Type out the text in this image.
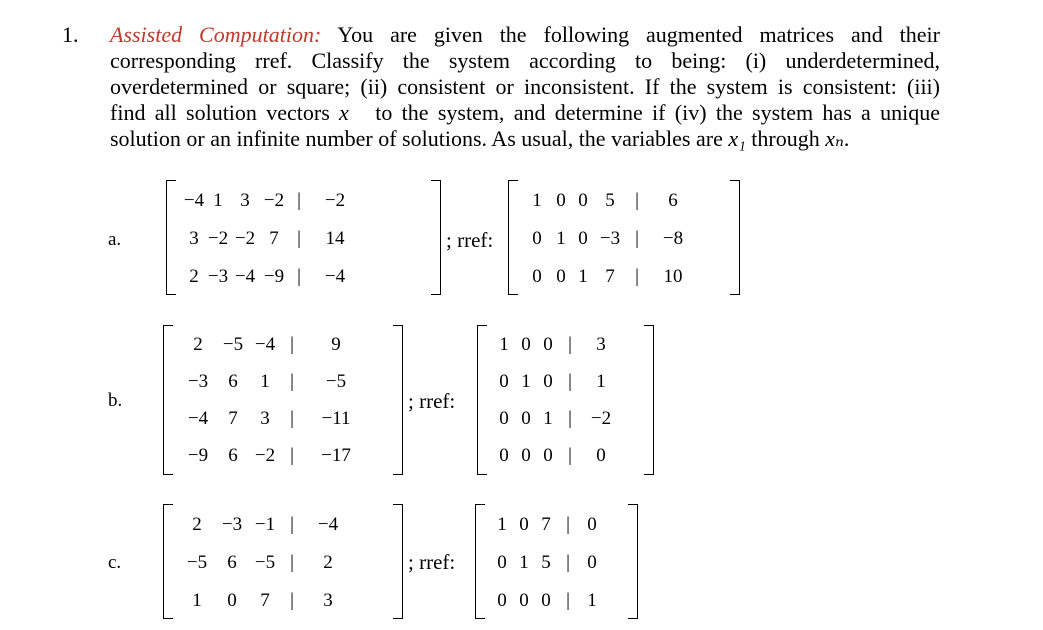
1. Assisted Computation: You are given the following augmented matrices and their
corresponding rref. Classify the system according to being: (i) underdetermined,
overdetermined or square; (ii) consistent or inconsistent. If the system is consistent: (iii)
find all solution vectors x⃗ to the system, and determine if (iv) the system has a unique
solution or an infinite number of solutions. As usual, the variables are x₁ through xₙ.
a.
−4 1 3 −2 |	−2
3 −2 −2 7 |	14
2 −3 −4 −9 |	−4
; rref:
1 0 0 5	|	6
0 1 0 −3 |	−8
0 0 1 7	|	10
b.
2	−5 −4 |	9
−3	6	1	|	−5
−4	7	3	|	−11
−9	6 −2 |	−17
; rref:
1 0 0 |	3
0 1 0 |	1
0 0 1 | −2
0 0 0 |	0
c.
2	−3 −1 |	−4
−5	6 −5 |	2
1	0	7	|	3
; rref:
1 0 7 | 0
0 1 5 | 0
0 0 0 | 1
